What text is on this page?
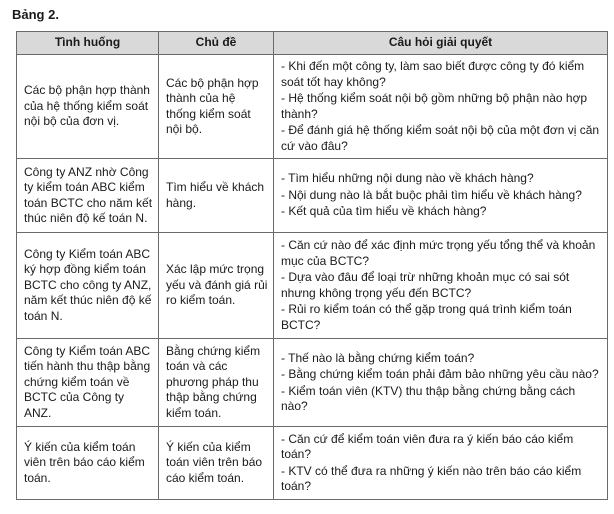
Bảng 2.
Tình huống	Chủ đề	Câu hỏi giải quyết
Các bộ phận hợp thành của hệ thống kiểm soát nội bộ của đơn vị.	Các bộ phận hợp thành của hệ thống kiểm soát nội bộ.	- Khi đến một công ty, làm sao biết được công ty đó kiểm soát tốt hay không?
- Hệ thống kiểm soát nội bộ gồm những bộ phận nào hợp thành?
- Để đánh giá hệ thống kiểm soát nội bộ của một đơn vị căn cứ vào đâu?

Công ty ANZ nhờ Công ty kiểm toán ABC kiểm toán BCTC cho năm kết thúc niên độ kế toán N.	Tìm hiểu về khách hàng.	- Tìm hiểu những nội dung nào về khách hàng?
- Nội dung nào là bắt buộc phải tìm hiểu về khách hàng?
- Kết quả của tìm hiểu về khách hàng?

Công ty Kiểm toán ABC ký hợp đồng kiểm toán BCTC cho công ty ANZ, năm kết thúc niên độ kế toán N.	Xác lập mức trọng yếu và đánh giá rủi ro kiểm toán.	- Căn cứ nào để xác định mức trọng yếu tổng thể và khoản mục của BCTC?
- Dựa vào đâu để loại trừ những khoản mục có sai sót nhưng không trọng yếu đến BCTC?
- Rủi ro kiểm toán có thể gặp trong quá trình kiểm toán BCTC?

Công ty Kiểm toán ABC tiến hành thu thập bằng chứng kiểm toán về BCTC của Công ty ANZ.	Bằng chứng kiểm toán và các phương pháp thu thập bằng chứng kiểm toán.	- Thế nào là bằng chứng kiểm toán?
- Bằng chứng kiểm toán phải đảm bảo những yêu cầu nào?
- Kiểm toán viên (KTV) thu thập bằng chứng bằng cách nào?

Ý kiến của kiểm toán viên trên báo cáo kiểm toán.	Ý kiến của kiểm toán viên trên báo cáo kiểm toán.	- Căn cứ để kiểm toán viên đưa ra ý kiến báo cáo kiểm toán?
- KTV có thể đưa ra những ý kiến nào trên báo cáo kiểm toán?
